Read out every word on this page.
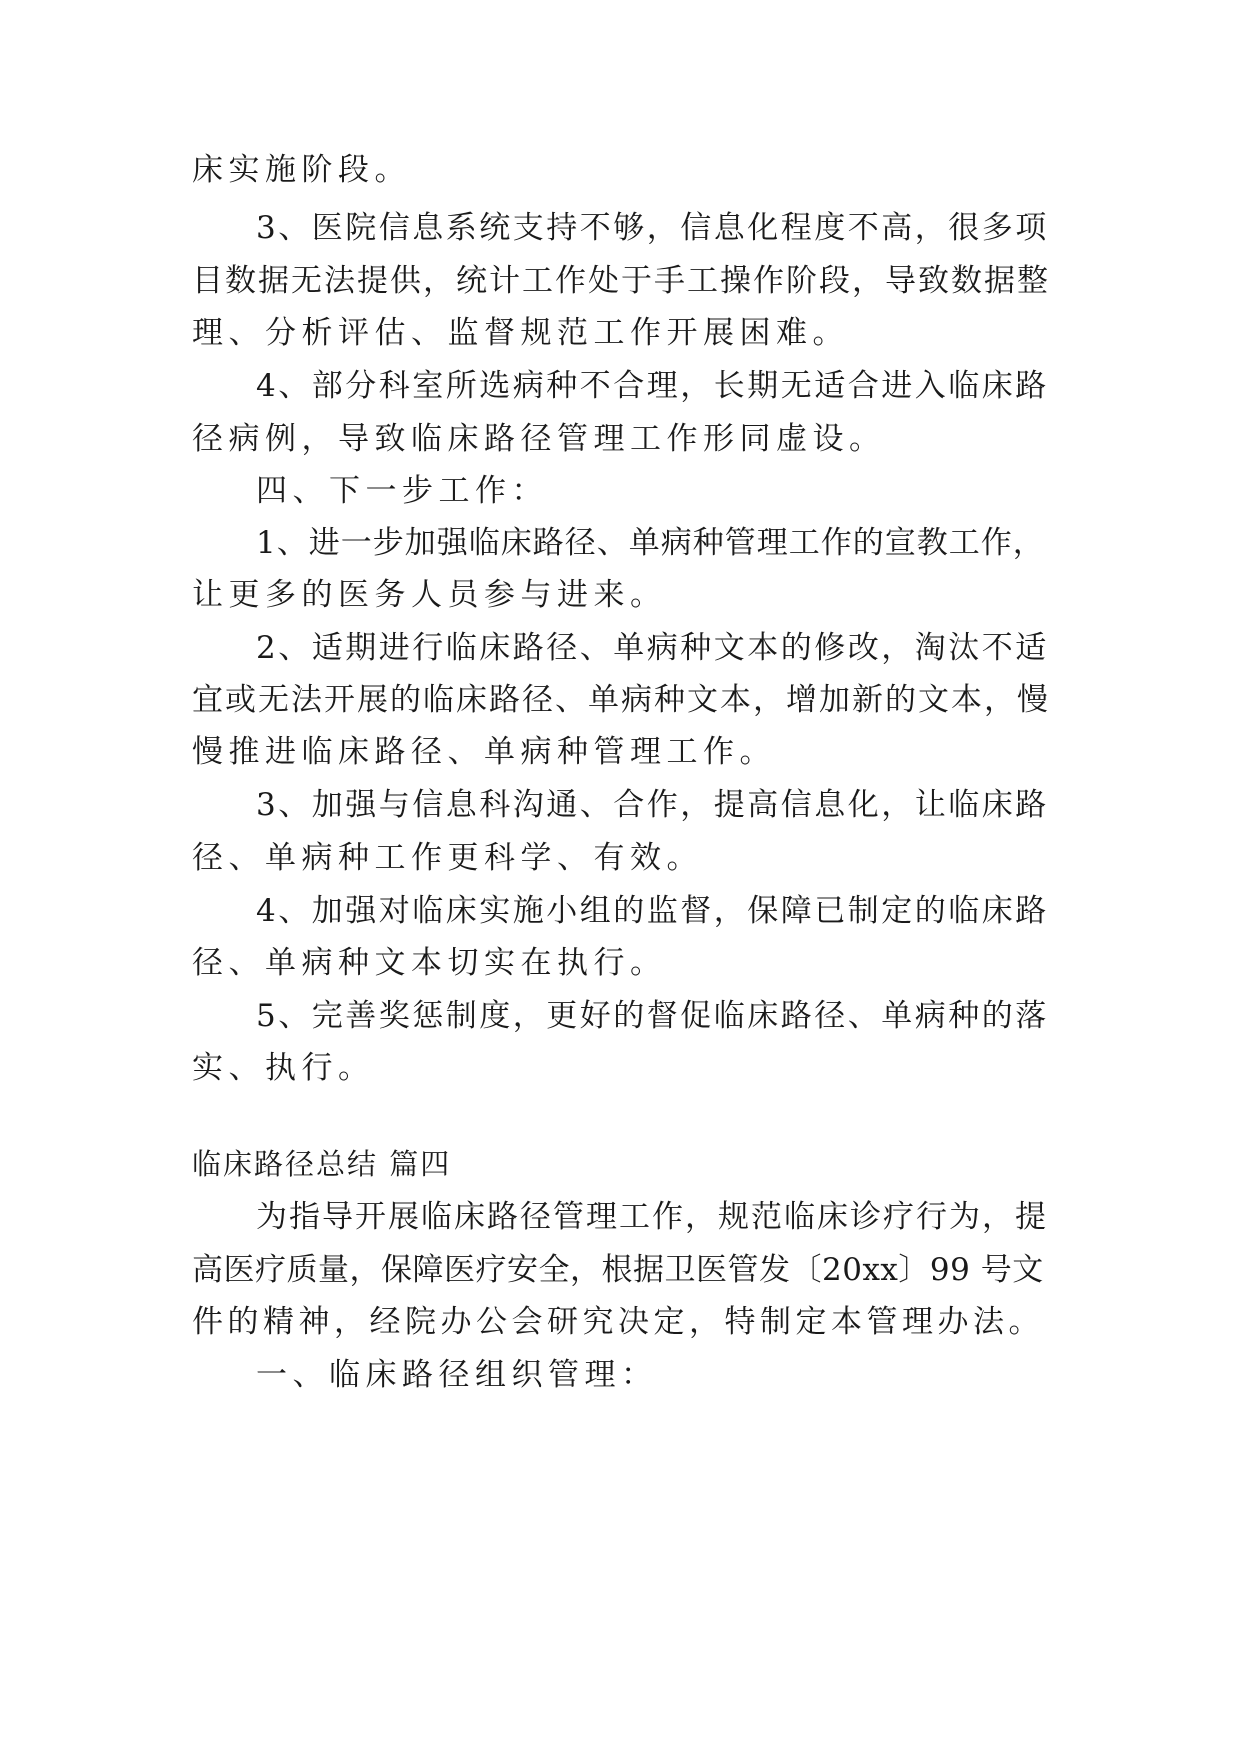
床实施阶段。
3、医院信息系统支持不够，信息化程度不高，很多项
目数据无法提供，统计工作处于手工操作阶段，导致数据整
理、分析评估、监督规范工作开展困难。
4、部分科室所选病种不合理，长期无适合进入临床路
径病例，导致临床路径管理工作形同虚设。
四、下一步工作：
1、进一步加强临床路径、单病种管理工作的宣教工作，
让更多的医务人员参与进来。
2、适期进行临床路径、单病种文本的修改，淘汰不适
宜或无法开展的临床路径、单病种文本，增加新的文本，慢
慢推进临床路径、单病种管理工作。
3、加强与信息科沟通、合作，提高信息化，让临床路
径、单病种工作更科学、有效。
4、加强对临床实施小组的监督，保障已制定的临床路
径、单病种文本切实在执行。
5、完善奖惩制度，更好的督促临床路径、单病种的落
实、执行。
临床路径总结 篇四
为指导开展临床路径管理工作，规范临床诊疗行为，提
高医疗质量，保障医疗安全，根据卫医管发〔20xx〕99 号文
件的精神，经院办公会研究决定，特制定本管理办法。
一、临床路径组织管理：
